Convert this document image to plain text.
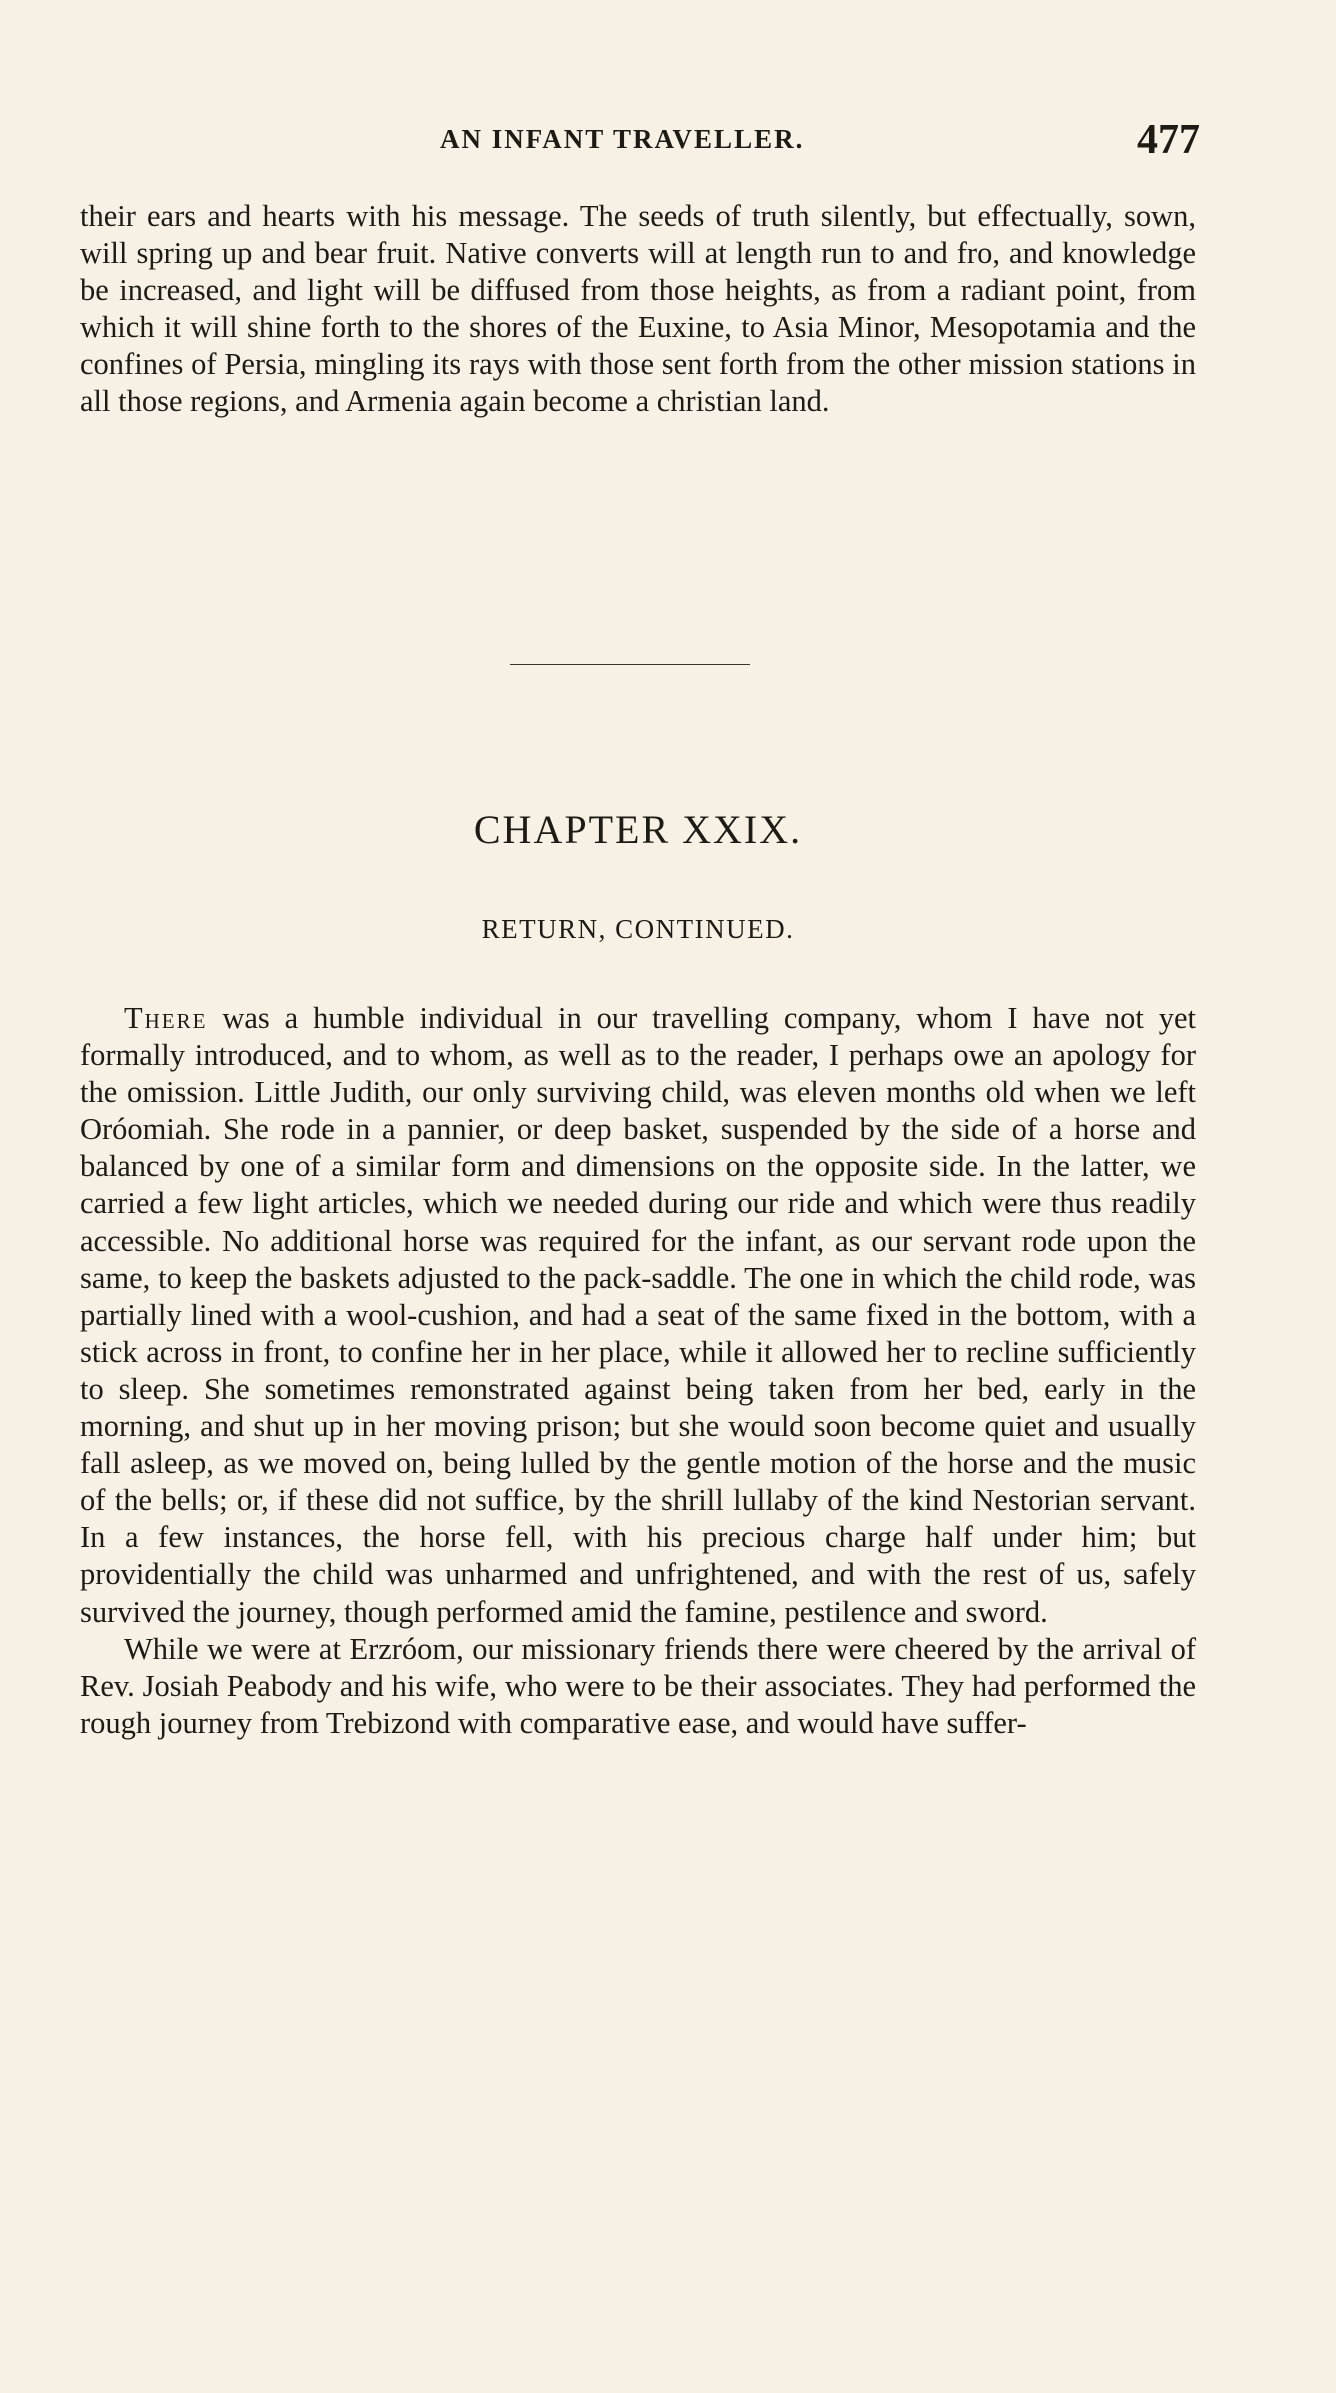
AN INFANT TRAVELLER.	477

their ears and hearts with his message. The seeds of truth silently, but effectually, sown, will spring up and bear fruit. Native converts will at length run to and fro, and knowledge be increased, and light will be diffused from those heights, as from a radiant point, from which it will shine forth to the shores of the Euxine, to Asia Minor, Mesopotamia and the confines of Persia, mingling its rays with those sent forth from the other mission stations in all those regions, and Armenia again become a christian land.

CHAPTER XXIX.
RETURN, CONTINUED.

There was a humble individual in our travelling company, whom I have not yet formally introduced, and to whom, as well as to the reader, I perhaps owe an apology for the omission. Little Judith, our only surviving child, was eleven months old when we left Oróomiah. She rode in a pannier, or deep basket, suspended by the side of a horse and balanced by one of a similar form and dimensions on the opposite side. In the latter, we carried a few light articles, which we needed during our ride and which were thus readily accessible. No additional horse was required for the infant, as our servant rode upon the same, to keep the baskets adjusted to the pack-saddle. The one in which the child rode, was partially lined with a wool-cushion, and had a seat of the same fixed in the bottom, with a stick across in front, to confine her in her place, while it allowed her to recline sufficiently to sleep. She sometimes remonstrated against being taken from her bed, early in the morning, and shut up in her moving prison; but she would soon become quiet and usually fall asleep, as we moved on, being lulled by the gentle motion of the horse and the music of the bells; or, if these did not suffice, by the shrill lullaby of the kind Nestorian servant. In a few instances, the horse fell, with his precious charge half under him; but providentially the child was unharmed and unfrightened, and with the rest of us, safely survived the journey, though performed amid the famine, pestilence and sword.

While we were at Erzróom, our missionary friends there were cheered by the arrival of Rev. Josiah Peabody and his wife, who were to be their associates. They had performed the rough journey from Trebizond with comparative ease, and would have suffer-
